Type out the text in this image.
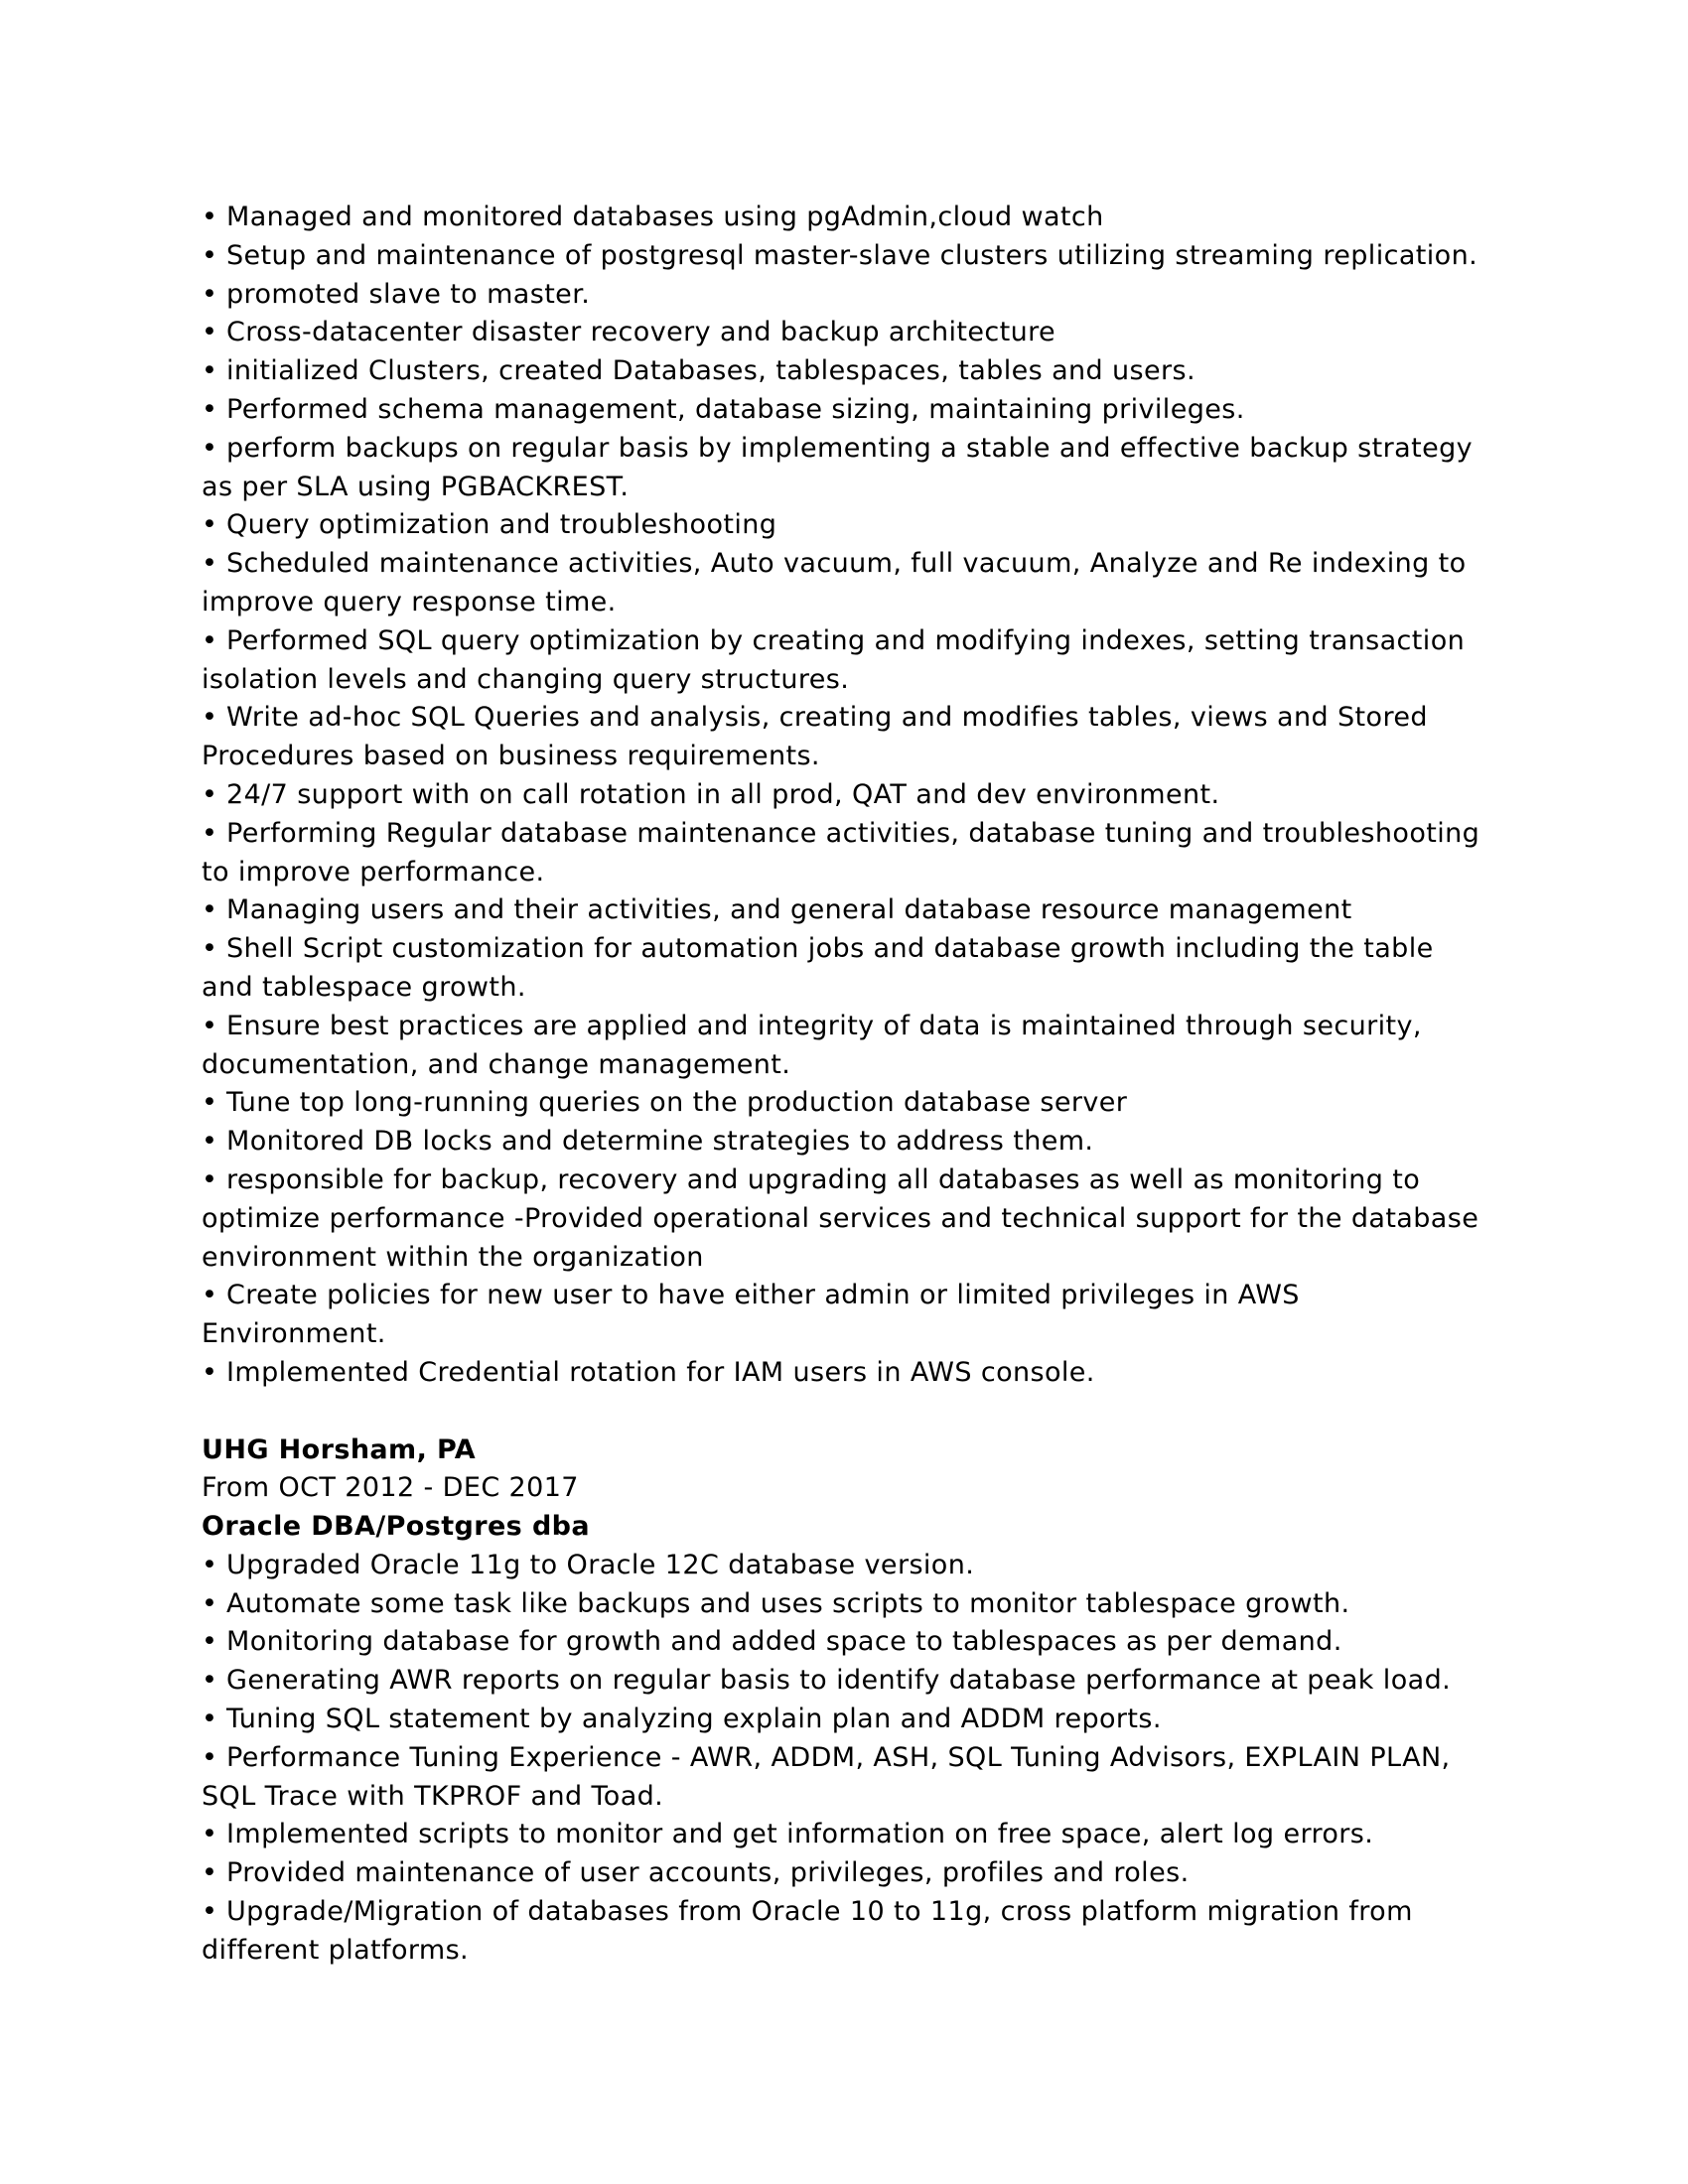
• Managed and monitored databases using pgAdmin,cloud watch
• Setup and maintenance of postgresql master-slave clusters utilizing streaming replication.
• promoted slave to master.
• Cross-datacenter disaster recovery and backup architecture
• initialized Clusters, created Databases, tablespaces, tables and users.
• Performed schema management, database sizing, maintaining privileges.
• perform backups on regular basis by implementing a stable and effective backup strategy
as per SLA using PGBACKREST.
• Query optimization and troubleshooting
• Scheduled maintenance activities, Auto vacuum, full vacuum, Analyze and Re indexing to
improve query response time.
• Performed SQL query optimization by creating and modifying indexes, setting transaction
isolation levels and changing query structures.
• Write ad-hoc SQL Queries and analysis, creating and modifies tables, views and Stored
Procedures based on business requirements.
• 24/7 support with on call rotation in all prod, QAT and dev environment.
• Performing Regular database maintenance activities, database tuning and troubleshooting
to improve performance.
• Managing users and their activities, and general database resource management
• Shell Script customization for automation jobs and database growth including the table
and tablespace growth.
• Ensure best practices are applied and integrity of data is maintained through security,
documentation, and change management.
• Tune top long-running queries on the production database server
• Monitored DB locks and determine strategies to address them.
• responsible for backup, recovery and upgrading all databases as well as monitoring to
optimize performance -Provided operational services and technical support for the database
environment within the organization
• Create policies for new user to have either admin or limited privileges in AWS
Environment.
• Implemented Credential rotation for IAM users in AWS console.
UHG Horsham, PA
From OCT 2012 - DEC 2017
Oracle DBA/Postgres dba
• Upgraded Oracle 11g to Oracle 12C database version.
• Automate some task like backups and uses scripts to monitor tablespace growth.
• Monitoring database for growth and added space to tablespaces as per demand.
• Generating AWR reports on regular basis to identify database performance at peak load.
• Tuning SQL statement by analyzing explain plan and ADDM reports.
• Performance Tuning Experience - AWR, ADDM, ASH, SQL Tuning Advisors, EXPLAIN PLAN,
SQL Trace with TKPROF and Toad.
• Implemented scripts to monitor and get information on free space, alert log errors.
• Provided maintenance of user accounts, privileges, profiles and roles.
• Upgrade/Migration of databases from Oracle 10 to 11g, cross platform migration from
different platforms.
